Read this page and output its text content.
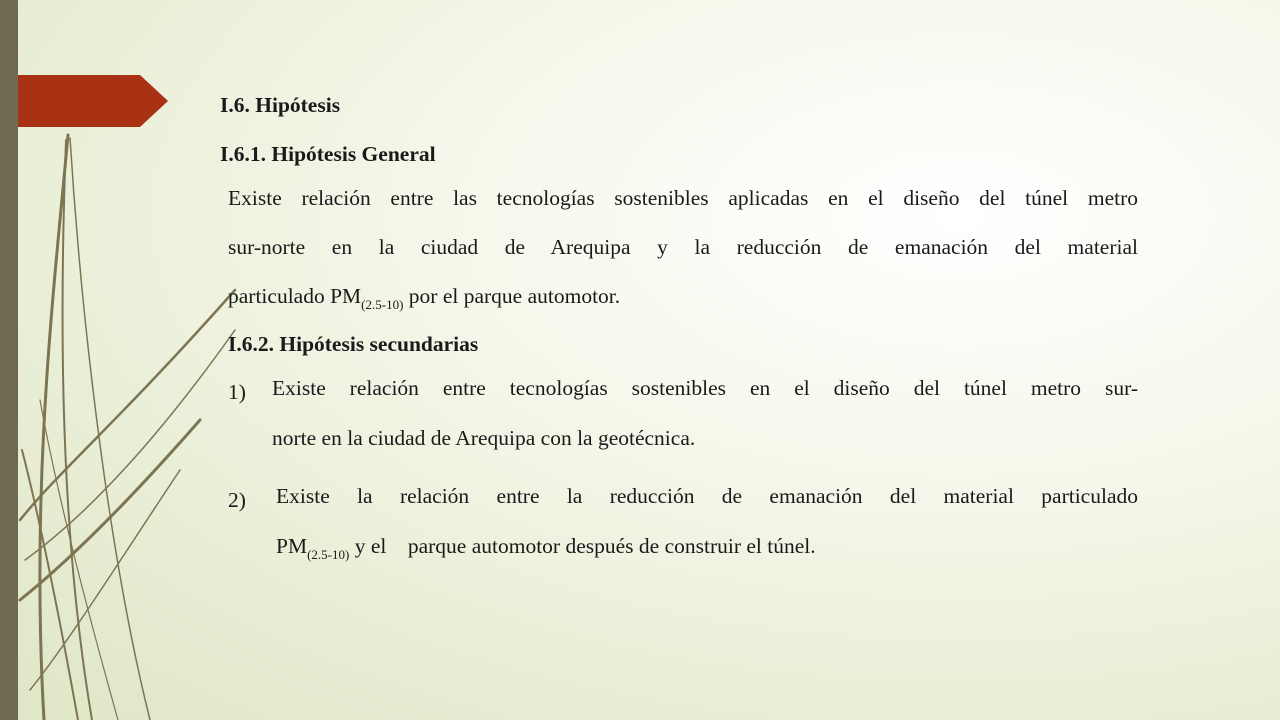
I.6. Hipótesis
I.6.1. Hipótesis General
Existe relación entre las tecnologías sostenibles aplicadas en el diseño del túnel metro
sur-norte en la ciudad de Arequipa y la reducción de emanación del material
particulado $PM_{(2.5-10)}$ por el parque automotor.
I.6.2. Hipótesis secundarias
1) Existe relación entre tecnologías sostenibles en el diseño del túnel metro sur-
norte en la ciudad de Arequipa con la geotécnica.
2) Existe la relación entre la reducción de emanación del material particulado
$PM_{(2.5-10)}$ y el    parque automotor después de construir el túnel.
